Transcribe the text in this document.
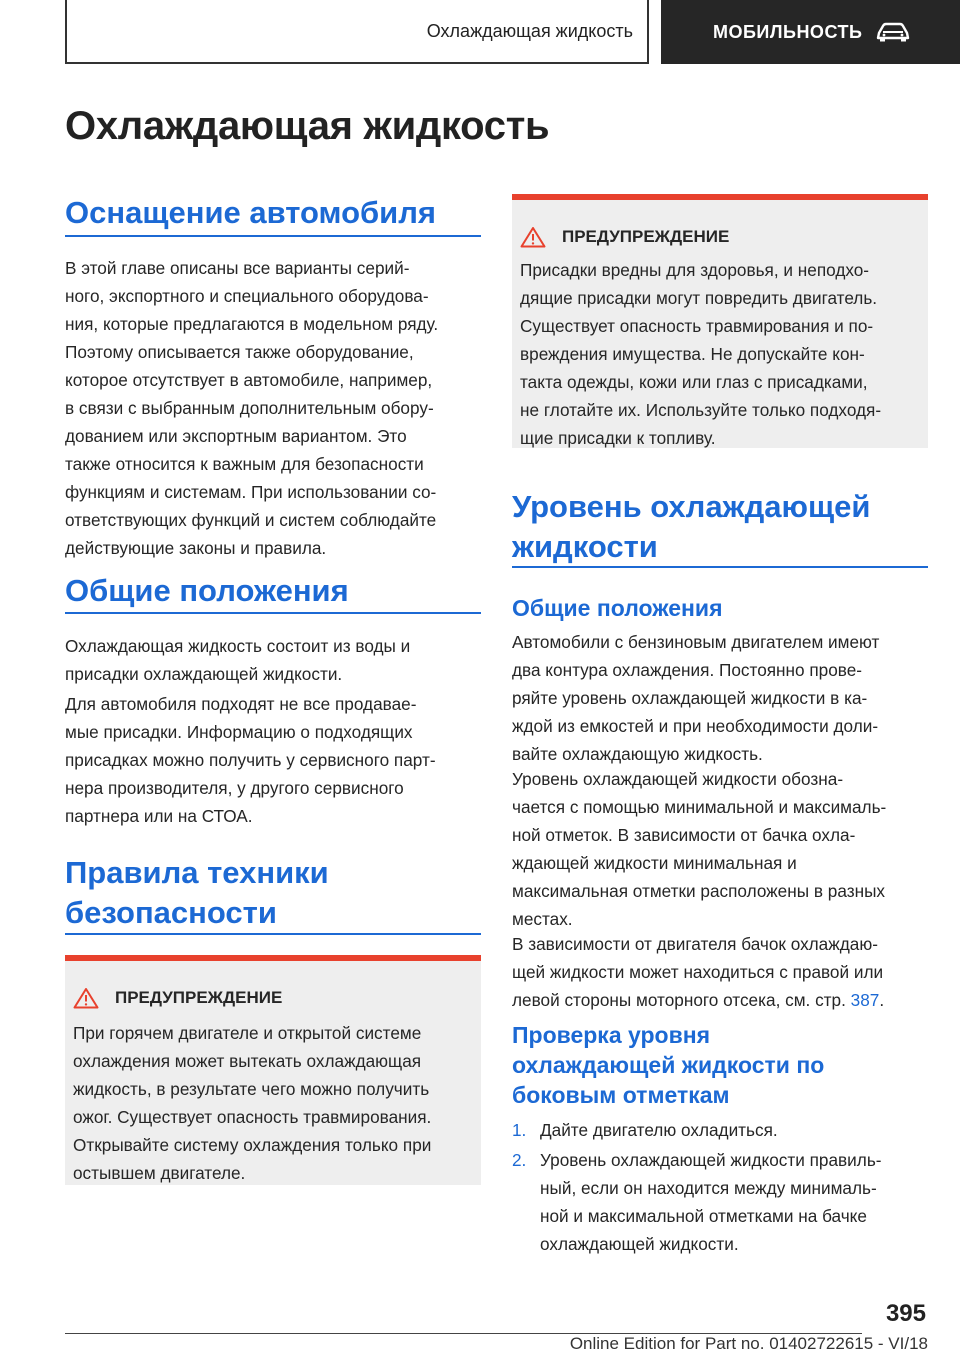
Охлаждающая жидкость	МОБИЛЬНОСТЬ
Охлаждающая жидкость
Оснащение автомобиля
В этой главе описаны все варианты серий-
ного, экспортного и специального оборудова-
ния, которые предлагаются в модельном ряду.
Поэтому описывается также оборудование,
которое отсутствует в автомобиле, например,
в связи с выбранным дополнительным обору-
дованием или экспортным вариантом. Это
также относится к важным для безопасности
функциям и системам. При использовании со-
ответствующих функций и систем соблюдайте
действующие законы и правила.
Общие положения
Охлаждающая жидкость состоит из воды и
присадки охлаждающей жидкости.
Для автомобиля подходят не все продавае-
мые присадки. Информацию о подходящих
присадках можно получить у сервисного парт-
нера производителя, у другого сервисного
партнера или на СТОА.
Правила техники
безопасности
ПРЕДУПРЕЖДЕНИЕ
При горячем двигателе и открытой системе
охлаждения может вытекать охлаждающая
жидкость, в результате чего можно получить
ожог. Существует опасность травмирования.
Открывайте систему охлаждения только при
остывшем двигателе.
ПРЕДУПРЕЖДЕНИЕ
Присадки вредны для здоровья, и неподхо-
дящие присадки могут повредить двигатель.
Существует опасность травмирования и по-
вреждения имущества. Не допускайте кон-
такта одежды, кожи или глаз с присадками,
не глотайте их. Используйте только подходя-
щие присадки к топливу.
Уровень охлаждающей
жидкости
Общие положения
Автомобили с бензиновым двигателем имеют
два контура охлаждения. Постоянно прове-
ряйте уровень охлаждающей жидкости в ка-
ждой из емкостей и при необходимости доли-
вайте охлаждающую жидкость.
Уровень охлаждающей жидкости обозна-
чается с помощью минимальной и максималь-
ной отметок. В зависимости от бачка охла-
ждающей жидкости минимальная и
максимальная отметки расположены в разных
местах.
В зависимости от двигателя бачок охлаждаю-
щей жидкости может находиться с правой или
левой стороны моторного отсека, см. стр. 387.
Проверка уровня
охлаждающей жидкости по
боковым отметкам
1. Дайте двигателю охладиться.
2. Уровень охлаждающей жидкости правиль-
ный, если он находится между минималь-
ной и максимальной отметками на бачке
охлаждающей жидкости.
395
Online Edition for Part no. 01402722615 - VI/18
